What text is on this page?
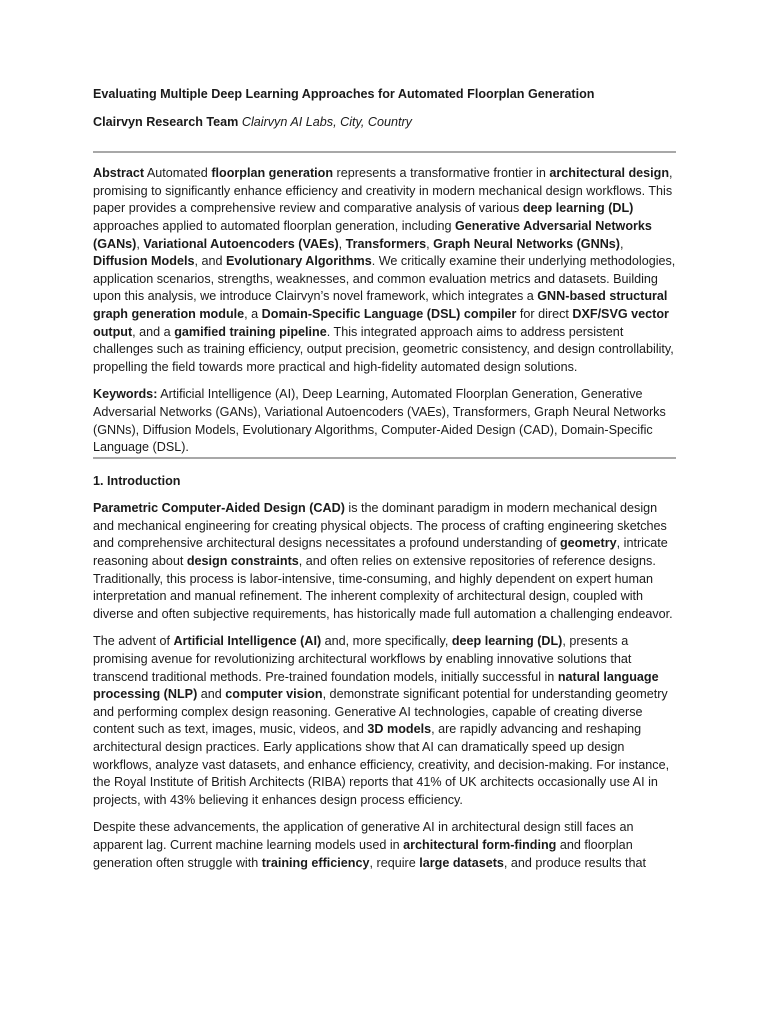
Evaluating Multiple Deep Learning Approaches for Automated Floorplan Generation
Clairvyn Research Team Clairvyn AI Labs, City, Country
Abstract Automated floorplan generation represents a transformative frontier in architectural design, promising to significantly enhance efficiency and creativity in modern mechanical design workflows. This paper provides a comprehensive review and comparative analysis of various deep learning (DL) approaches applied to automated floorplan generation, including Generative Adversarial Networks (GANs), Variational Autoencoders (VAEs), Transformers, Graph Neural Networks (GNNs), Diffusion Models, and Evolutionary Algorithms. We critically examine their underlying methodologies, application scenarios, strengths, weaknesses, and common evaluation metrics and datasets. Building upon this analysis, we introduce Clairvyn’s novel framework, which integrates a GNN-based structural graph generation module, a Domain-Specific Language (DSL) compiler for direct DXF/SVG vector output, and a gamified training pipeline. This integrated approach aims to address persistent challenges such as training efficiency, output precision, geometric consistency, and design controllability, propelling the field towards more practical and high-fidelity automated design solutions.
Keywords: Artificial Intelligence (AI), Deep Learning, Automated Floorplan Generation, Generative Adversarial Networks (GANs), Variational Autoencoders (VAEs), Transformers, Graph Neural Networks (GNNs), Diffusion Models, Evolutionary Algorithms, Computer-Aided Design (CAD), Domain-Specific Language (DSL).
1. Introduction

Parametric Computer-Aided Design (CAD) is the dominant paradigm in modern mechanical design and mechanical engineering for creating physical objects. The process of crafting engineering sketches and comprehensive architectural designs necessitates a profound understanding of geometry, intricate reasoning about design constraints, and often relies on extensive repositories of reference designs. Traditionally, this process is labor-intensive, time-consuming, and highly dependent on expert human interpretation and manual refinement. The inherent complexity of architectural design, coupled with diverse and often subjective requirements, has historically made full automation a challenging endeavor.

The advent of Artificial Intelligence (AI) and, more specifically, deep learning (DL), presents a promising avenue for revolutionizing architectural workflows by enabling innovative solutions that transcend traditional methods. Pre-trained foundation models, initially successful in natural language processing (NLP) and computer vision, demonstrate significant potential for understanding geometry and performing complex design reasoning. Generative AI technologies, capable of creating diverse content such as text, images, music, videos, and 3D models, are rapidly advancing and reshaping architectural design practices. Early applications show that AI can dramatically speed up design workflows, analyze vast datasets, and enhance efficiency, creativity, and decision-making. For instance, the Royal Institute of British Architects (RIBA) reports that 41% of UK architects occasionally use AI in projects, with 43% believing it enhances design process efficiency.

Despite these advancements, the application of generative AI in architectural design still faces an apparent lag. Current machine learning models used in architectural form-finding and floorplan generation often struggle with training efficiency, require large datasets, and produce results that
